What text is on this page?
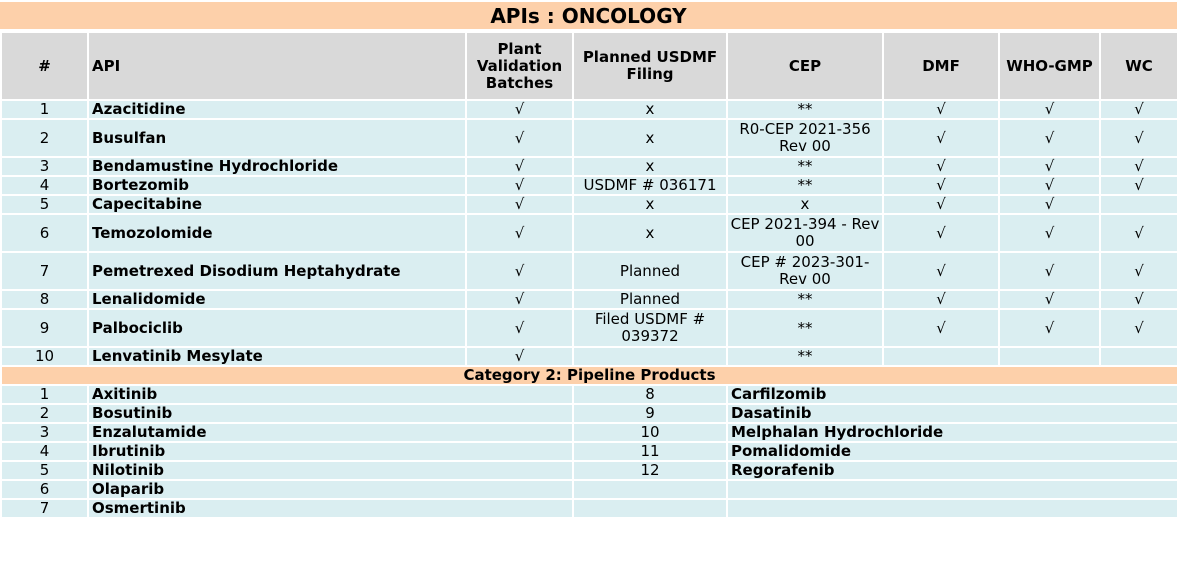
APIs : ONCOLOGY
#	API	Plant Validation Batches	Planned USDMF Filing	CEP	DMF	WHO-GMP	WC
1	Azacitidine	√	x	**	√	√	√
2	Busulfan	√	x	R0-CEP 2021-356 Rev 00	√	√	√
3	Bendamustine Hydrochloride	√	x	**	√	√	√
4	Bortezomib	√	USDMF # 036171	**	√	√	√
5	Capecitabine	√	x	x	√	√	
6	Temozolomide	√	x	CEP 2021-394 - Rev 00	√	√	√
7	Pemetrexed Disodium Heptahydrate	√	Planned	CEP # 2023-301-Rev 00	√	√	√
8	Lenalidomide	√	Planned	**	√	√	√
9	Palbociclib	√	Filed USDMF # 039372	**	√	√	√
10	Lenvatinib Mesylate	√		**			
Category 2: Pipeline Products							
1	Axitinib		8	Carfilzomib			
2	Bosutinib		9	Dasatinib			
3	Enzalutamide		10	Melphalan Hydrochloride			
4	Ibrutinib		11	Pomalidomide			
5	Nilotinib		12	Regorafenib			
6	Olaparib						
7	Osmertinib						
